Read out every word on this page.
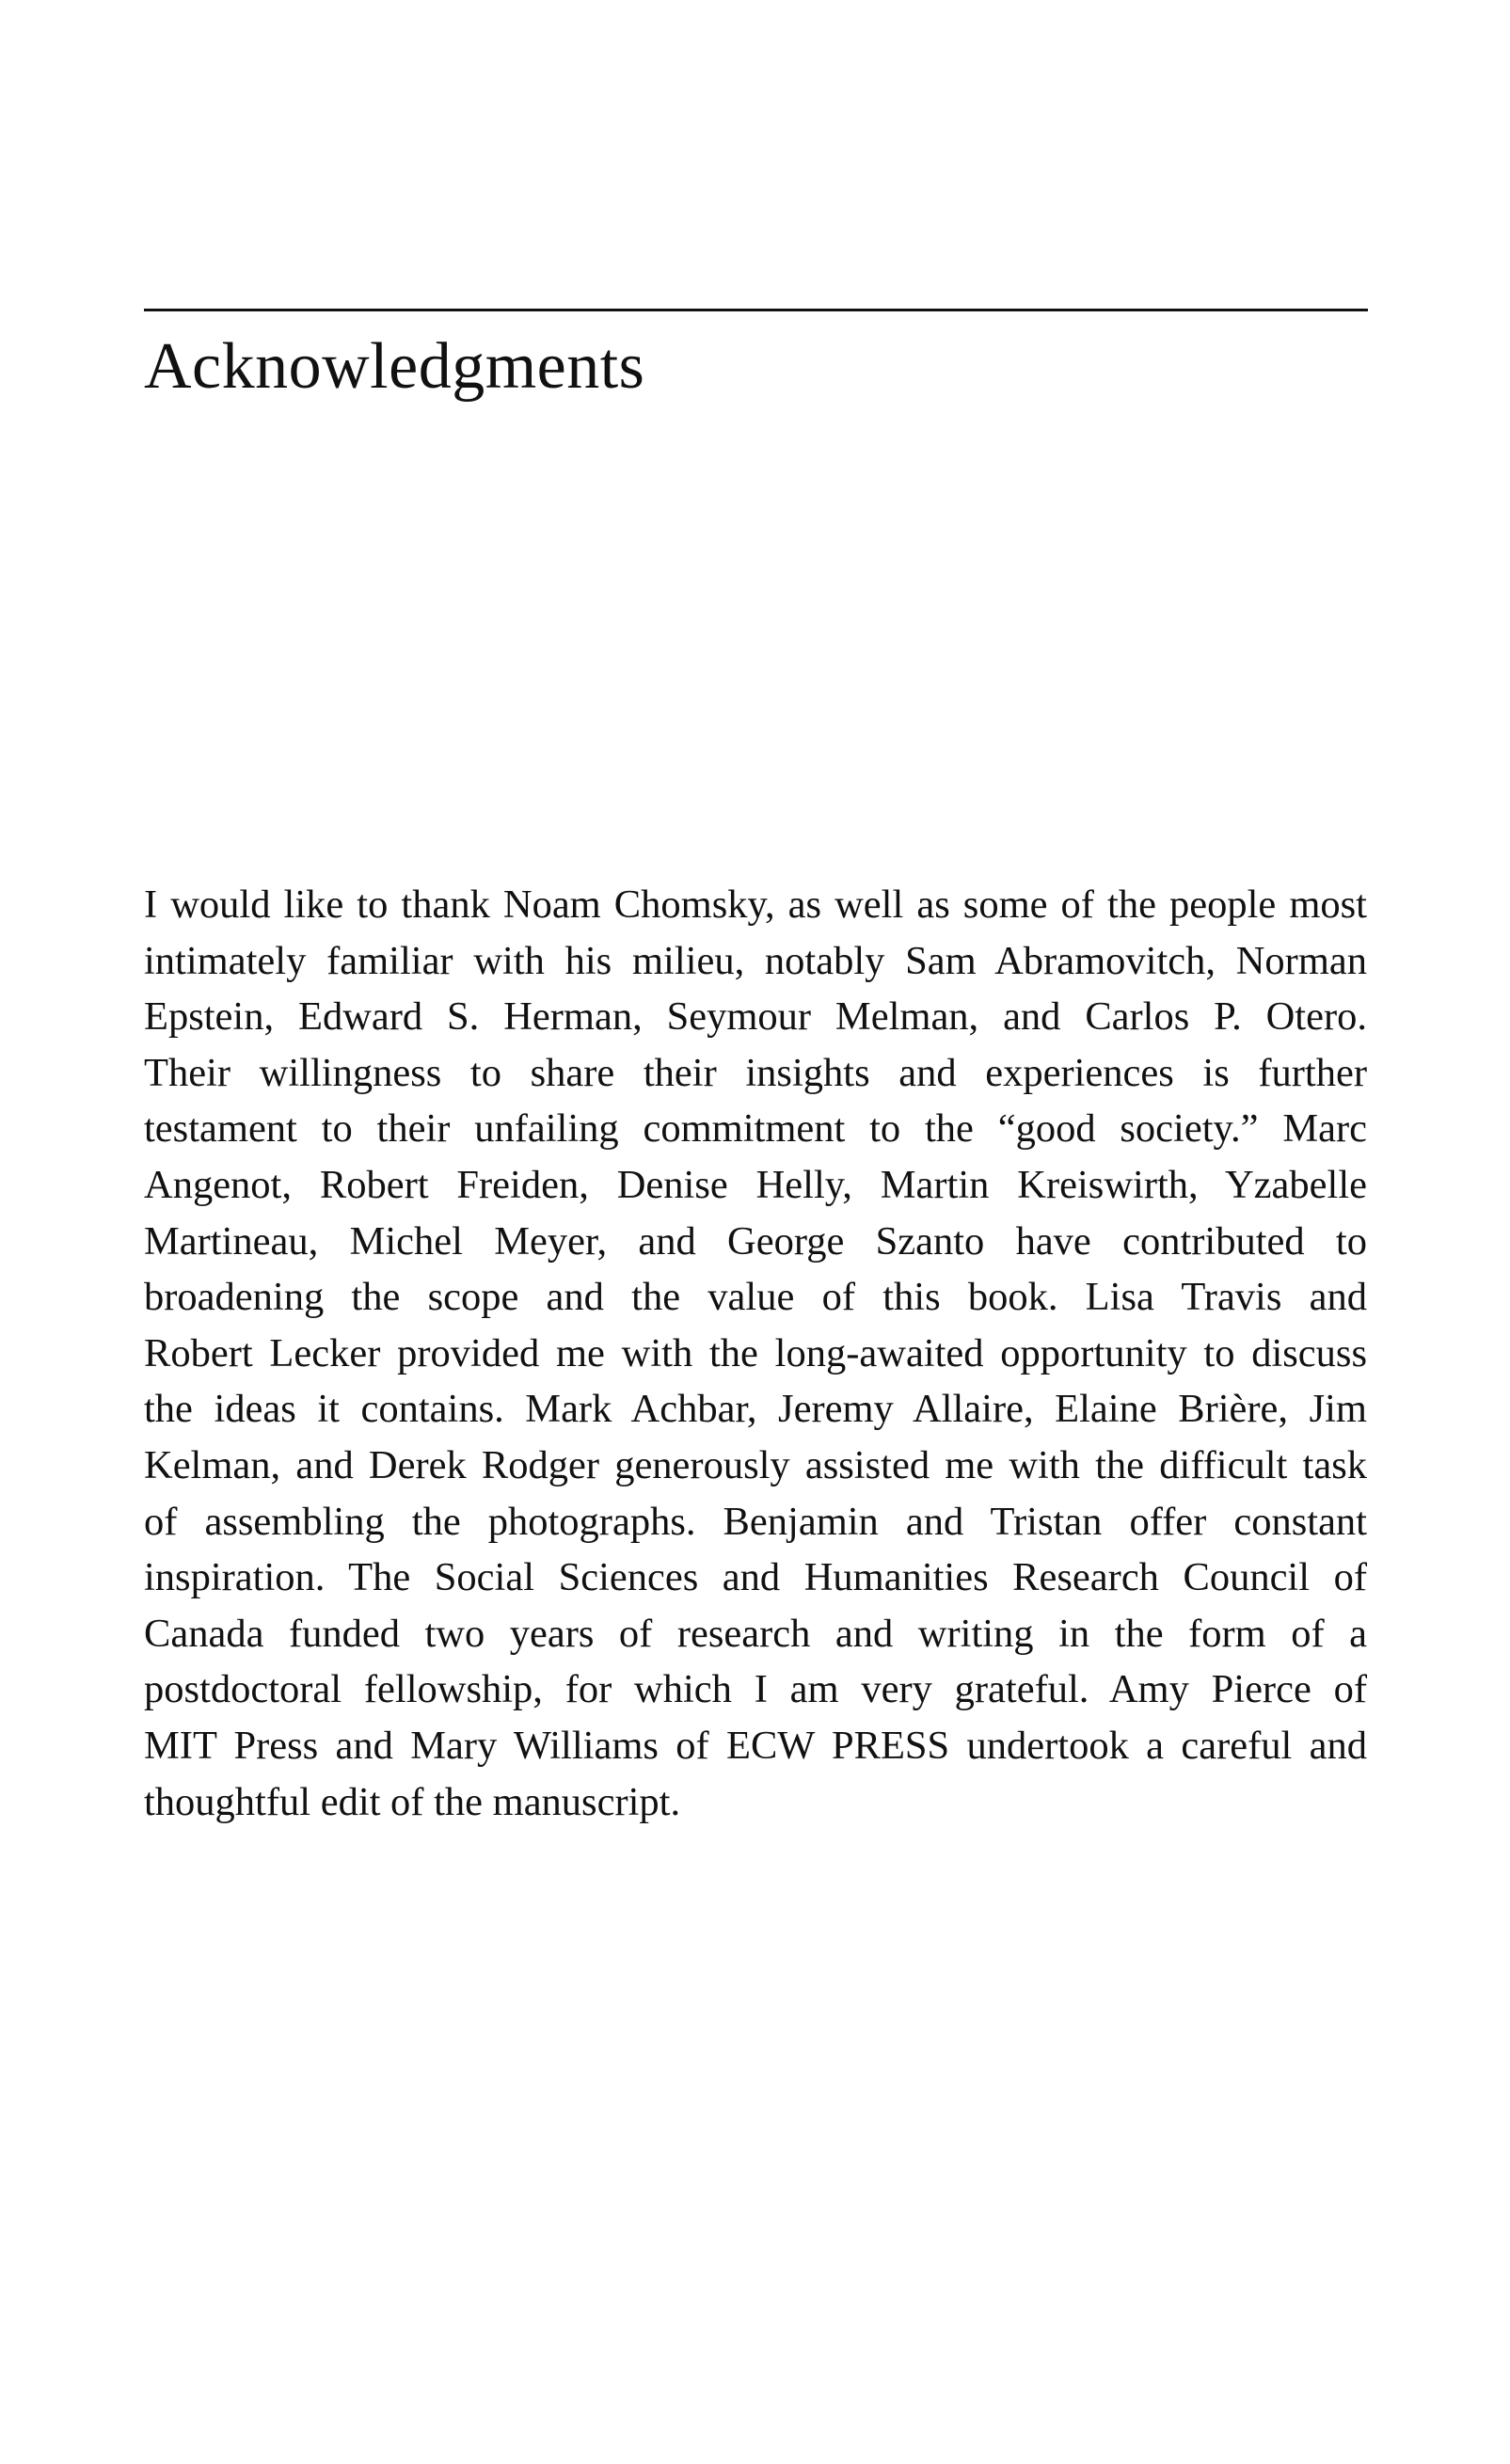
Acknowledgments

I would like to thank Noam Chomsky, as well as some of the people most
intimately familiar with his milieu, notably Sam Abramovitch, Norman
Epstein, Edward S. Herman, Seymour Melman, and Carlos P. Otero.
Their willingness to share their insights and experiences is further
testament to their unfailing commitment to the “good society.” Marc
Angenot, Robert Freiden, Denise Helly, Martin Kreiswirth, Yzabelle
Martineau, Michel Meyer, and George Szanto have contributed to
broadening the scope and the value of this book. Lisa Travis and
Robert Lecker provided me with the long-awaited opportunity to discuss
the ideas it contains. Mark Achbar, Jeremy Allaire, Elaine Brière, Jim
Kelman, and Derek Rodger generously assisted me with the difficult task
of assembling the photographs. Benjamin and Tristan offer constant
inspiration. The Social Sciences and Humanities Research Council of
Canada funded two years of research and writing in the form of a
postdoctoral fellowship, for which I am very grateful. Amy Pierce of
MIT Press and Mary Williams of ECW PRESS undertook a careful and
thoughtful edit of the manuscript.
